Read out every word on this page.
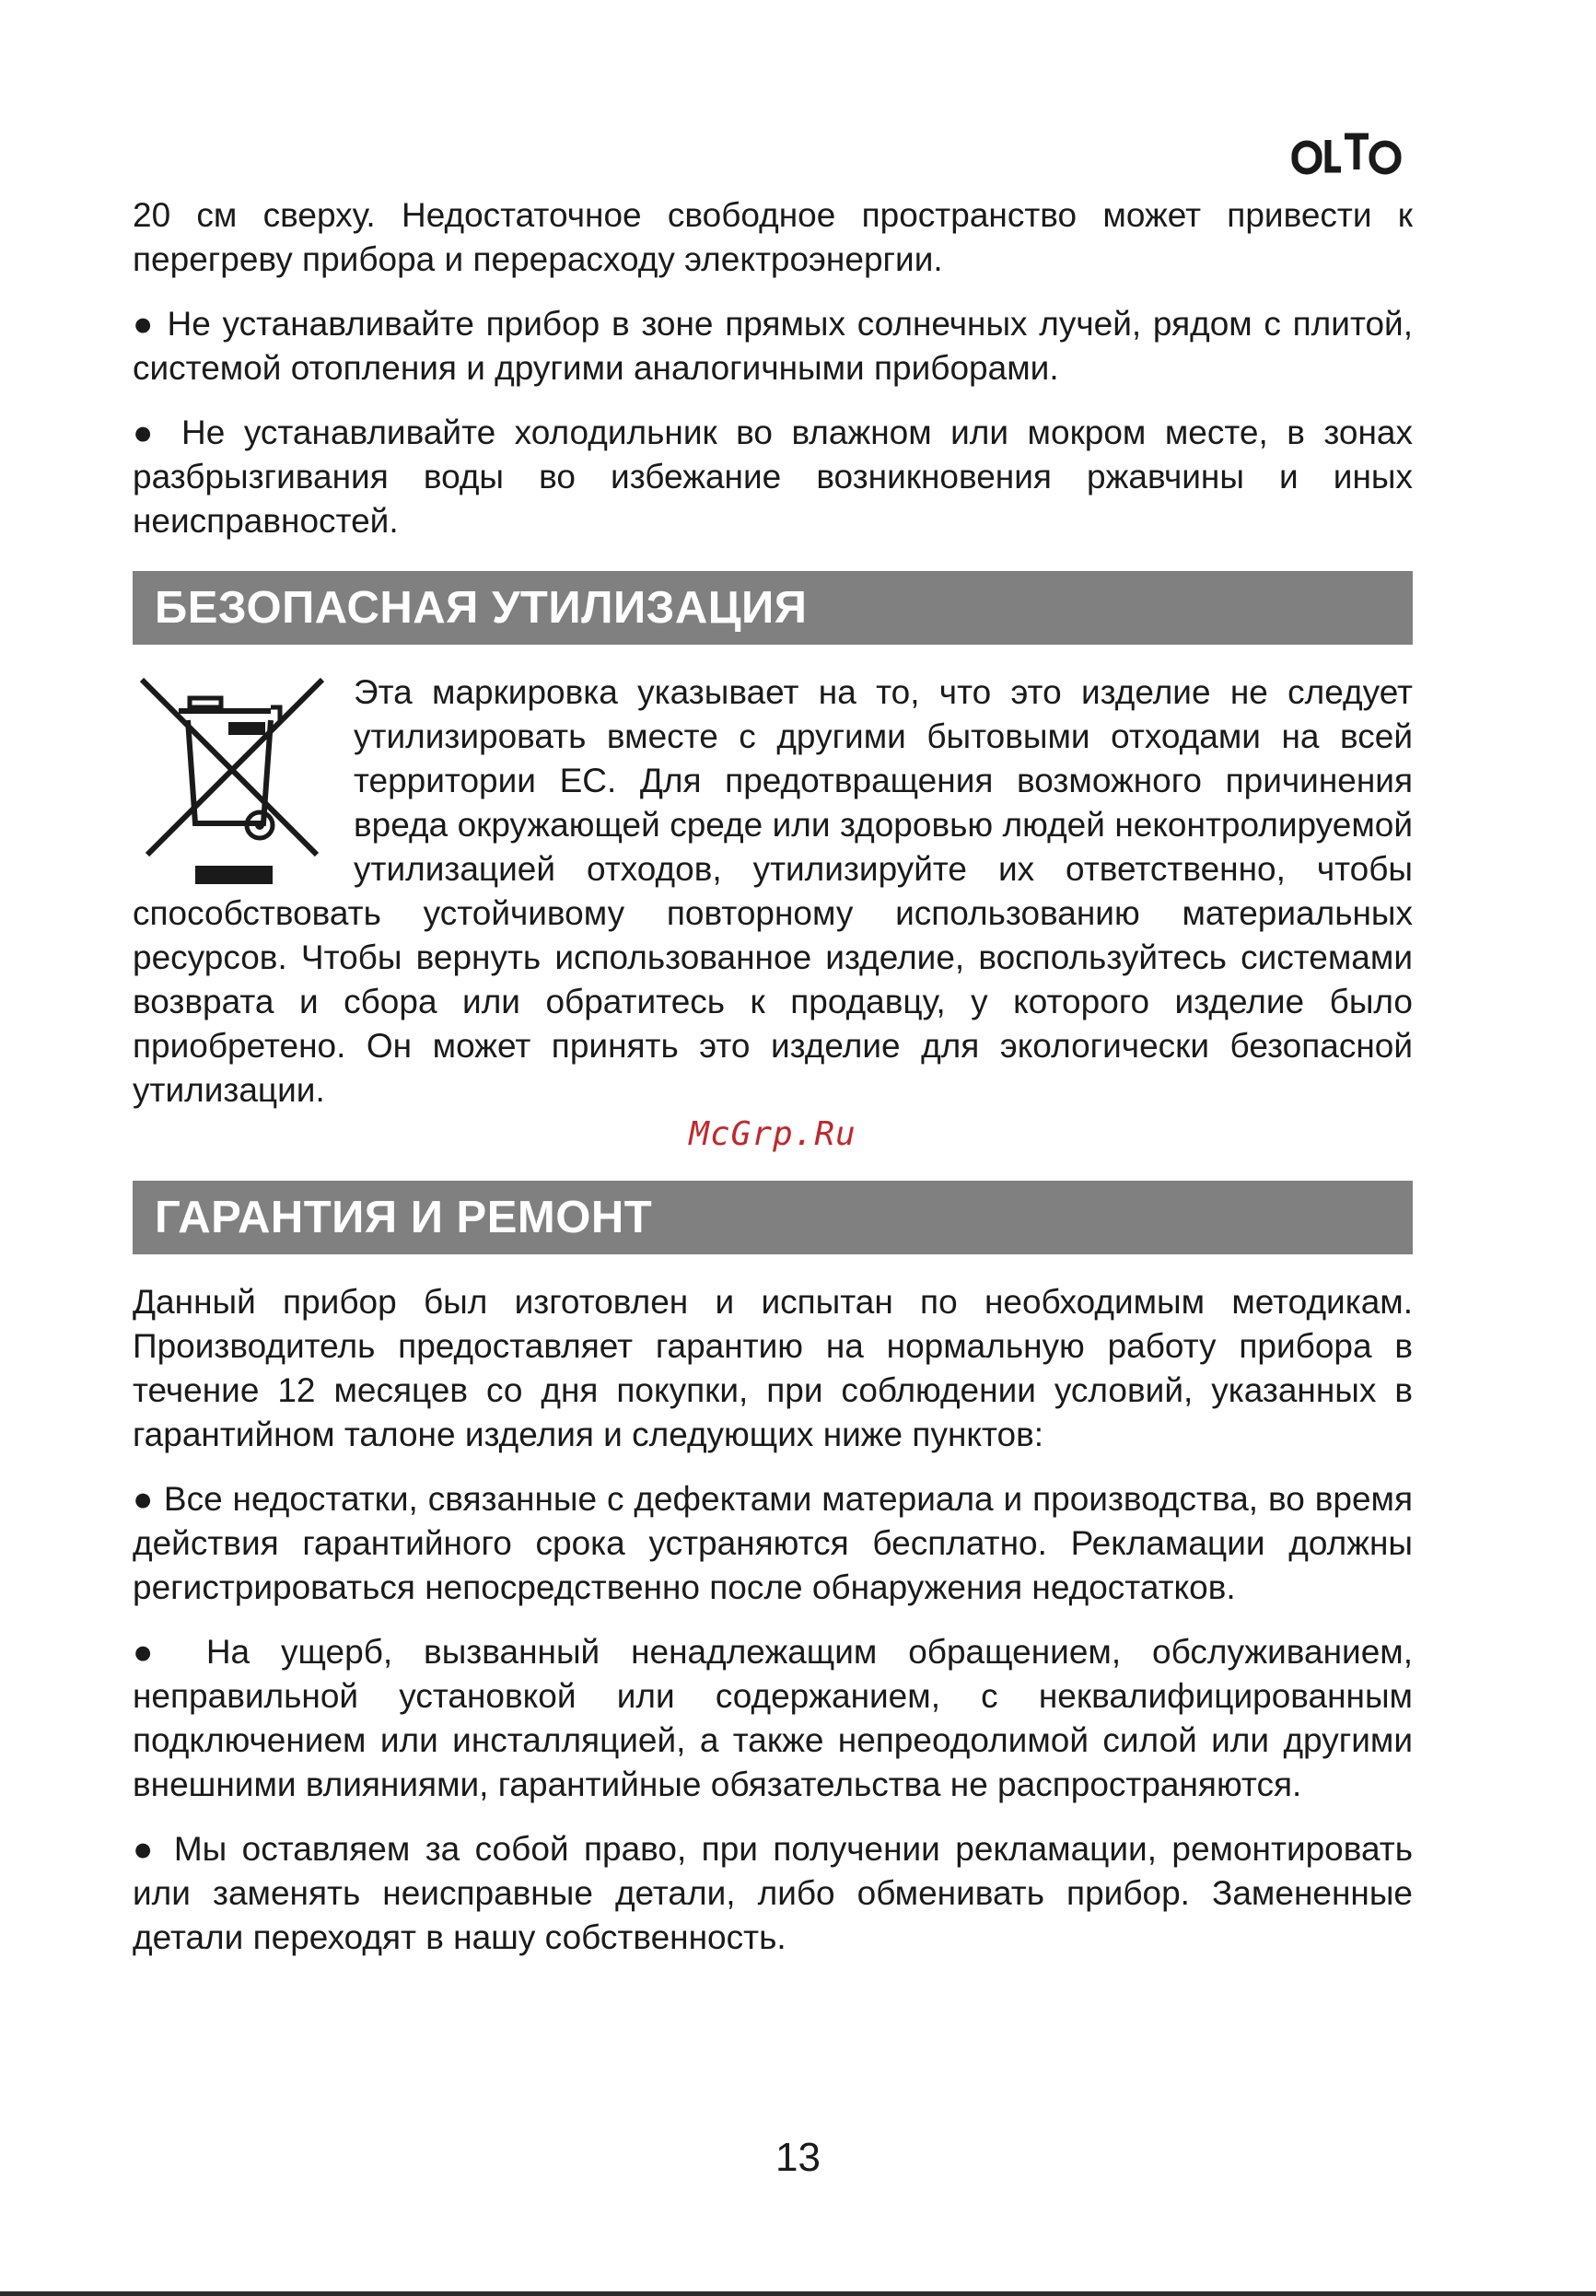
20 см сверху. Недостаточное свободное пространство может привести к перегреву прибора и перерасходу электроэнергии.

● Не устанавливайте прибор в зоне прямых солнечных лучей, рядом с плитой, системой отопления и другими аналогичными приборами.

● Не устанавливайте холодильник во влажном или мокром месте, в зонах разбрызгивания воды во избежание возникновения ржавчины и иных неисправностей.

БЕЗОПАСНАЯ УТИЛИЗАЦИЯ

Эта маркировка указывает на то, что это изделие не следует утилизировать вместе с другими бытовыми отходами на всей территории ЕС. Для предотвращения возможного причинения вреда окружающей среде или здоровью людей неконтролируемой утилизацией отходов, утилизируйте их ответственно, чтобы способствовать устойчивому повторному использованию материальных ресурсов. Чтобы вернуть использованное изделие, воспользуйтесь системами возврата и сбора или обратитесь к продавцу, у которого изделие было приобретено. Он может принять это изделие для экологически безопасной утилизации.

McGrp.Ru
ГАРАНТИЯ И РЕМОНТ

Данный прибор был изготовлен и испытан по необходимым методикам. Производитель предоставляет гарантию на нормальную работу прибора в течение 12 месяцев со дня покупки, при соблюдении условий, указанных в гарантийном талоне изделия и следующих ниже пунктов:

● Все недостатки, связанные с дефектами материала и производства, во время действия гарантийного срока устраняются бесплатно. Рекламации должны регистрироваться непосредственно после обнаружения недостатков.

● На ущерб, вызванный ненадлежащим обращением, обслуживанием, неправильной установкой или содержанием, с неквалифицированным подключением или инсталляцией, а также непреодолимой силой или другими внешними влияниями, гарантийные обязательства не распространяются.

● Мы оставляем за собой право, при получении рекламации, ремонтировать или заменять неисправные детали, либо обменивать прибор. Замененные детали переходят в нашу собственность.

13
